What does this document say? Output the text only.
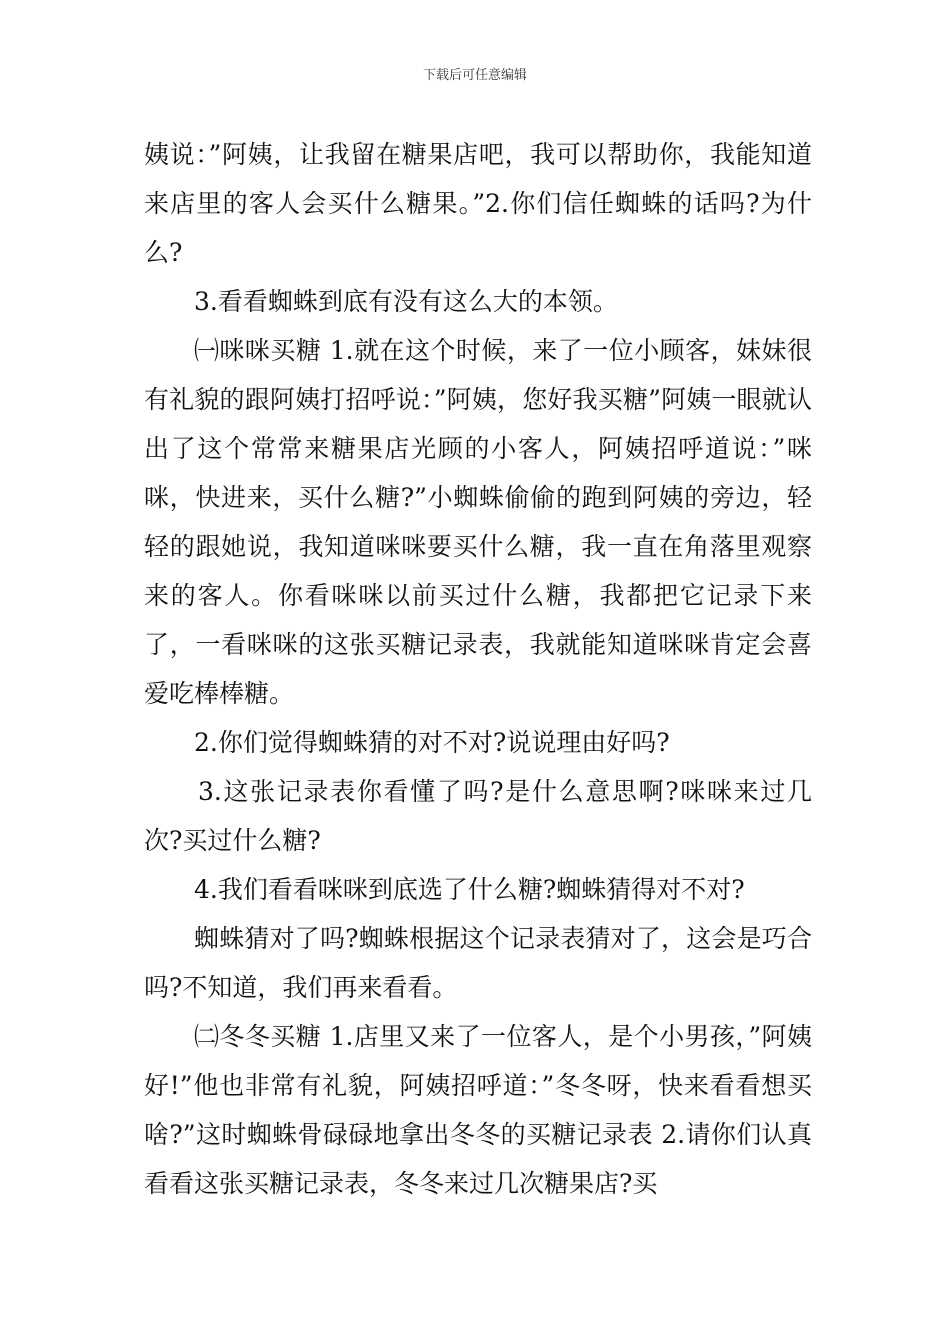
下载后可任意编辑

姨说：”阿姨，让我留在糖果店吧，我可以帮助你，我能知道来店里的客人会买什么糖果。”2.你们信任蜘蛛的话吗?为什么?

3.看看蜘蛛到底有没有这么大的本领。

㈠咪咪买糖 1.就在这个时候，来了一位小顾客，妹妹很有礼貌的跟阿姨打招呼说：”阿姨，您好我买糖”阿姨一眼就认出了这个常常来糖果店光顾的小客人，阿姨招呼道说：”咪咪，快进来，买什么糖?”小蜘蛛偷偷的跑到阿姨的旁边，轻轻的跟她说，我知道咪咪要买什么糖，我一直在角落里观察来的客人。你看咪咪以前买过什么糖，我都把它记录下来了，一看咪咪的这张买糖记录表，我就能知道咪咪肯定会喜爱吃棒棒糖。

2.你们觉得蜘蛛猜的对不对?说说理由好吗?

3.这张记录表你看懂了吗?是什么意思啊?咪咪来过几次?买过什么糖?

4.我们看看咪咪到底选了什么糖?蜘蛛猜得对不对?

蜘蛛猜对了吗?蜘蛛根据这个记录表猜对了，这会是巧合吗?不知道，我们再来看看。

㈡冬冬买糖 1.店里又来了一位客人，是个小男孩，”阿姨好!”他也非常有礼貌，阿姨招呼道：”冬冬呀，快来看看想买啥?”这时蜘蛛骨碌碌地拿出冬冬的买糖记录表 2.请你们认真看看这张买糖记录表，冬冬来过几次糖果店?买
